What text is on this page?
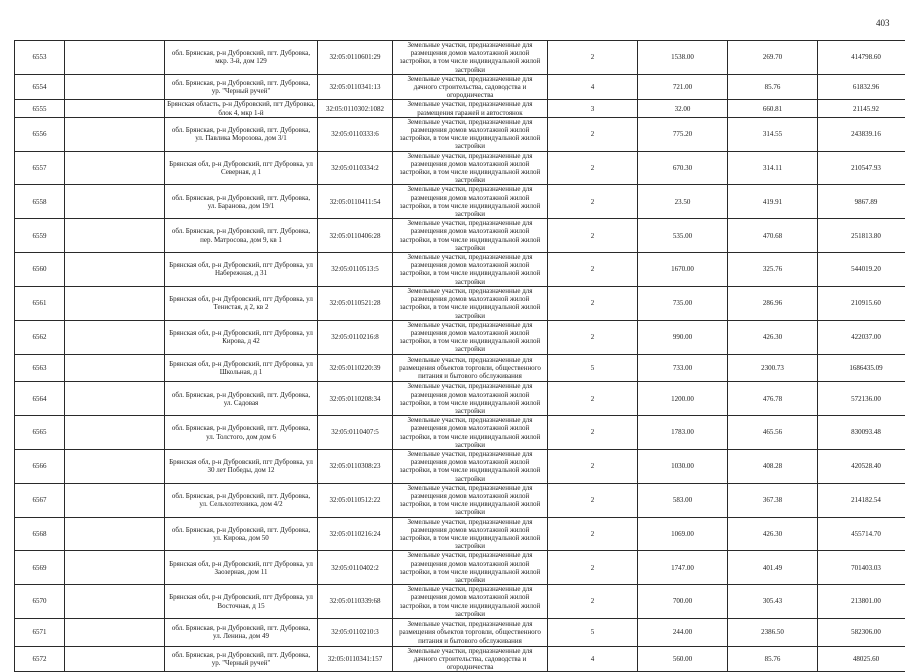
403
6553		обл. Брянская, р-н Дубровский, пгт. Дубровка, мкр. 3-й, дом 129	32:05:0110601:29	Земельные участки, предназначенные для размещения домов малоэтажной жилой застройки, в том числе индивидуальной жилой застройки	2	1538.00	269.70	414798.60
6554		обл. Брянская, р-н Дубровский, пгт. Дубровка, ур. "Черный ручей"	32:05:0110341:13	Земельные участки, предназначенные для дачного строительства, садоводства и огородничества	4	721.00	85.76	61832.96
6555		Брянская область, р-н Дубровский, пгт Дубровка, блок 4, мкр 1-й	32:05:0110302:1082	Земельные участки, предназначенные для размещения гаражей и автостоянок	3	32.00	660.81	21145.92
6556		обл. Брянская, р-н Дубровский, пгт. Дубровка, ул. Павлика Морозова, дом 3/1	32:05:0110333:6	Земельные участки, предназначенные для размещения домов малоэтажной жилой застройки, в том числе индивидуальной жилой застройки	2	775.20	314.55	243839.16
6557		Брянская обл, р-н Дубровский, пгт Дубровка, ул Северная, д 1	32:05:0110334:2	Земельные участки, предназначенные для размещения домов малоэтажной жилой застройки, в том числе индивидуальной жилой застройки	2	670.30	314.11	210547.93
6558		обл. Брянская, р-н Дубровский, пгт. Дубровка, ул. Баранова, дом 19/1	32:05:0110411:54	Земельные участки, предназначенные для размещения домов малоэтажной жилой застройки, в том числе индивидуальной жилой застройки	2	23.50	419.91	9867.89
6559		обл. Брянская, р-н Дубровский, пгт. Дубровка, пер. Матросова, дом 9, кв 1	32:05:0110406:28	Земельные участки, предназначенные для размещения домов малоэтажной жилой застройки, в том числе индивидуальной жилой застройки	2	535.00	470.68	251813.80
6560		Брянская обл, р-н Дубровский, пгт Дубровка, ул Набережная, д 31	32:05:0110513:5	Земельные участки, предназначенные для размещения домов малоэтажной жилой застройки, в том числе индивидуальной жилой застройки	2	1670.00	325.76	544019.20
6561		Брянская обл, р-н Дубровский, пгт Дубровка, ул Тенистая, д 2, кв 2	32:05:0110521:28	Земельные участки, предназначенные для размещения домов малоэтажной жилой застройки, в том числе индивидуальной жилой застройки	2	735.00	286.96	210915.60
6562		Брянская обл, р-н Дубровский, пгт Дубровка, ул Кирова, д 42	32:05:0110216:8	Земельные участки, предназначенные для размещения домов малоэтажной жилой застройки, в том числе индивидуальной жилой застройки	2	990.00	426.30	422037.00
6563		Брянская обл, р-н Дубровский, пгт Дубровка, ул Школьная, д 1	32:05:0110220:39	Земельные участки, предназначенные для размещения объектов торговли, общественного питания и бытового обслуживания	5	733.00	2300.73	1686435.09
6564		обл. Брянская, р-н Дубровский, пгт. Дубровка, ул. Садовая	32:05:0110208:34	Земельные участки, предназначенные для размещения домов малоэтажной жилой застройки, в том числе индивидуальной жилой застройки	2	1200.00	476.78	572136.00
6565		обл. Брянская, р-н Дубровский, пгт. Дубровка, ул. Толстого, дом дом 6	32:05:0110407:5	Земельные участки, предназначенные для размещения домов малоэтажной жилой застройки, в том числе индивидуальной жилой застройки	2	1783.00	465.56	830093.48
6566		Брянская обл, р-н Дубровский, пгт Дубровка, ул 30 лет Победы, дом 12	32:05:0110308:23	Земельные участки, предназначенные для размещения домов малоэтажной жилой застройки, в том числе индивидуальной жилой застройки	2	1030.00	408.28	420528.40
6567		обл. Брянская, р-н Дубровский, пгт. Дубровка, ул. Сельхозтехника, дом 4/2	32:05:0110512:22	Земельные участки, предназначенные для размещения домов малоэтажной жилой застройки, в том числе индивидуальной жилой застройки	2	583.00	367.38	214182.54
6568		обл. Брянская, р-н Дубровский, пгт. Дубровка, ул. Кирова, дом 50	32:05:0110216:24	Земельные участки, предназначенные для размещения домов малоэтажной жилой застройки, в том числе индивидуальной жилой застройки	2	1069.00	426.30	455714.70
6569		Брянская обл, р-н Дубровский, пгт Дубровка, ул Заозерная, дом 11	32:05:0110402:2	Земельные участки, предназначенные для размещения домов малоэтажной жилой застройки, в том числе индивидуальной жилой застройки	2	1747.00	401.49	701403.03
6570		Брянская обл, р-н Дубровский, пгт Дубровка, ул Восточная, д 15	32:05:0110339:68	Земельные участки, предназначенные для размещения домов малоэтажной жилой застройки, в том числе индивидуальной жилой застройки	2	700.00	305.43	213801.00
6571		обл. Брянская, р-н Дубровский, пгт. Дубровка, ул. Ленина, дом 49	32:05:0110210:3	Земельные участки, предназначенные для размещения объектов торговли, общественного питания и бытового обслуживания	5	244.00	2386.50	582306.00
6572		обл. Брянская, р-н Дубровский, пгт. Дубровка, ур. "Черный ручей"	32:05:0110341:157	Земельные участки, предназначенные для дачного строительства, садоводства и огородничества	4	560.00	85.76	48025.60
